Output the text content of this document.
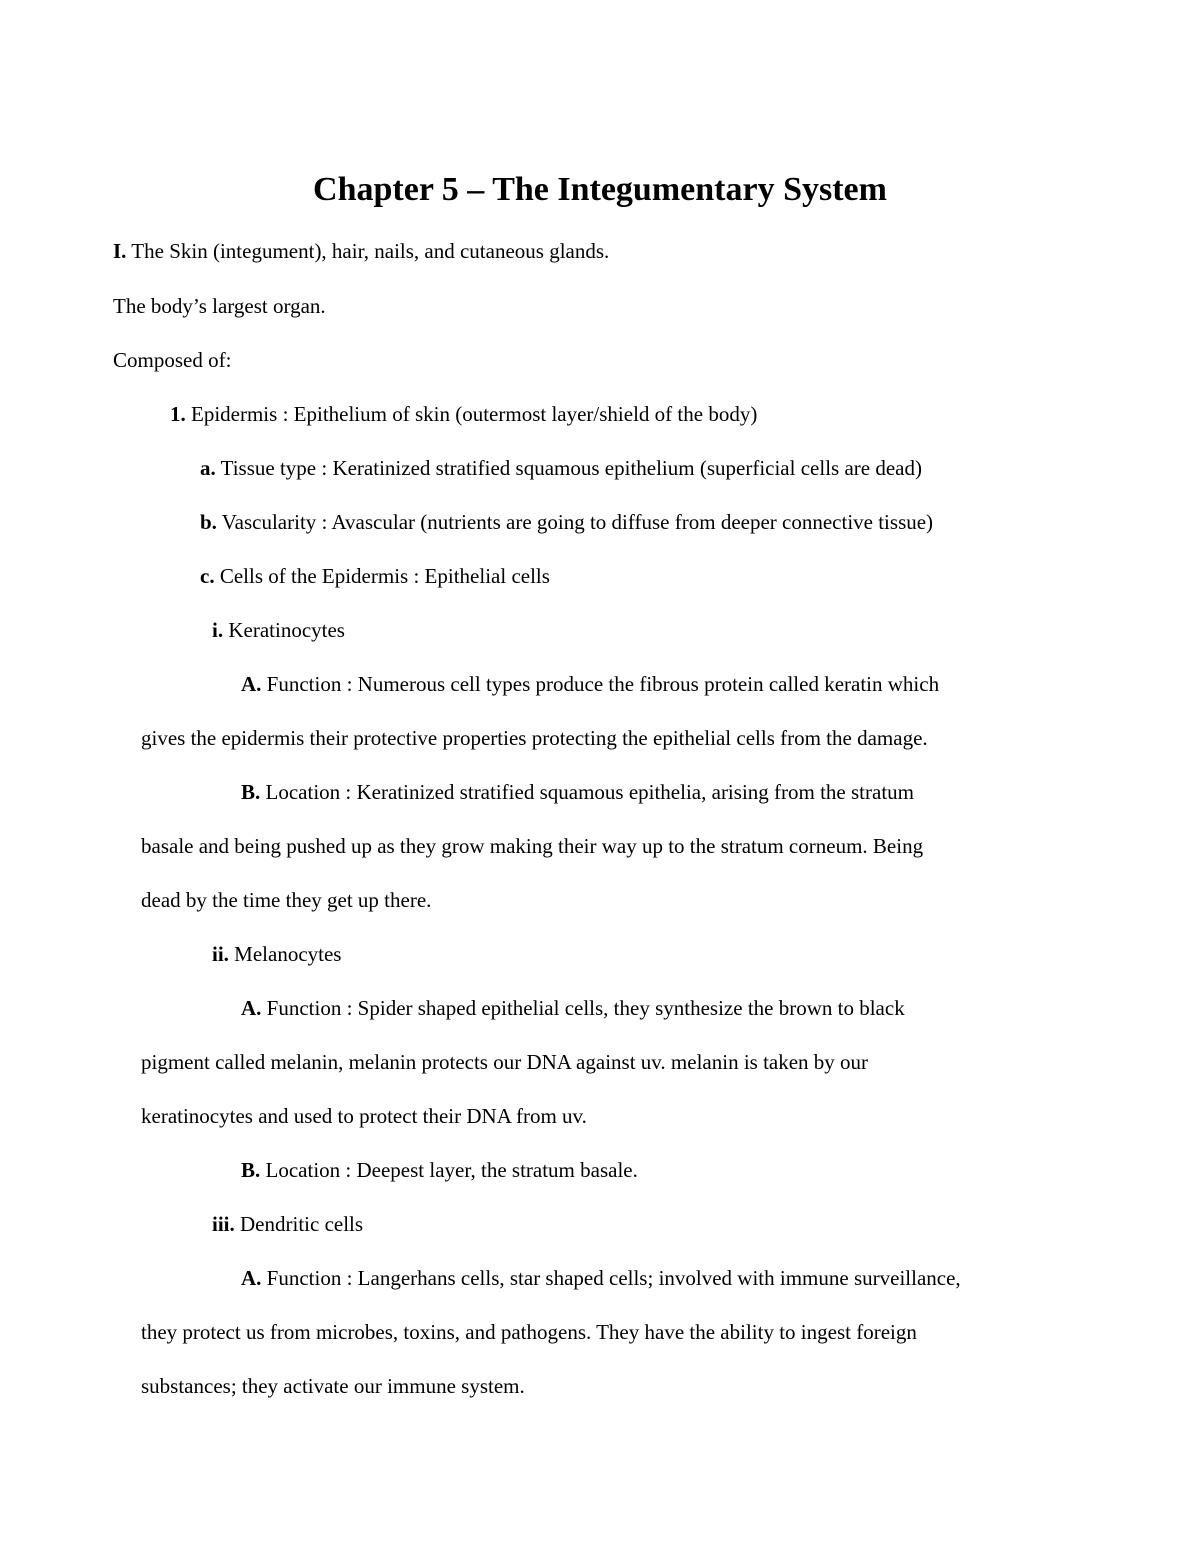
Chapter 5 – The Integumentary System

I. The Skin (integument), hair, nails, and cutaneous glands.

The body’s largest organ.

Composed of:

1. Epidermis : Epithelium of skin (outermost layer/shield of the body)

a. Tissue type : Keratinized stratified squamous epithelium (superficial cells are dead)

b. Vascularity : Avascular (nutrients are going to diffuse from deeper connective tissue)

c. Cells of the Epidermis : Epithelial cells

i. Keratinocytes

A. Function : Numerous cell types produce the fibrous protein called keratin which

gives the epidermis their protective properties protecting the epithelial cells from the damage.

B. Location : Keratinized stratified squamous epithelia, arising from the stratum

basale and being pushed up as they grow making their way up to the stratum corneum. Being

dead by the time they get up there.

ii. Melanocytes

A. Function : Spider shaped epithelial cells, they synthesize the brown to black

pigment called melanin, melanin protects our DNA against uv. melanin is taken by our

keratinocytes and used to protect their DNA from uv.

B. Location : Deepest layer, the stratum basale.

iii. Dendritic cells

A. Function : Langerhans cells, star shaped cells; involved with immune surveillance,

they protect us from microbes, toxins, and pathogens. They have the ability to ingest foreign

substances; they activate our immune system.
